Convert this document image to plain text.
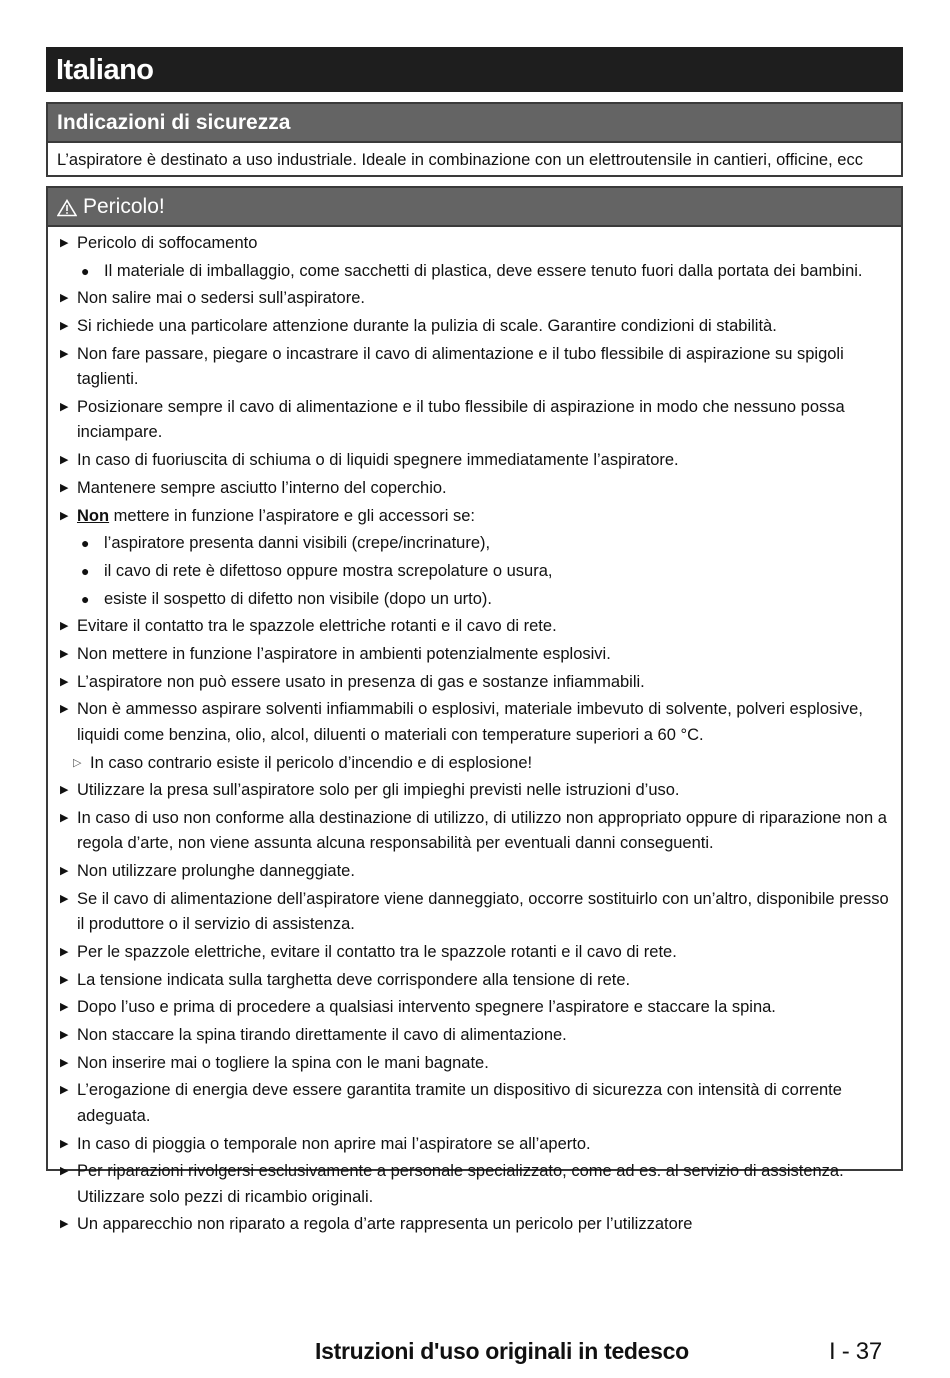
Italiano
Indicazioni di sicurezza
L’aspiratore è destinato a uso industriale. Ideale in combinazione con un elettroutensile in cantieri, officine, ecc
Pericolo!
▶ Pericolo di soffocamento
● Il materiale di imballaggio, come sacchetti di plastica, deve essere tenuto fuori dalla portata dei bambini.
▶ Non salire mai o sedersi sull’aspiratore.
▶ Si richiede una particolare attenzione durante la pulizia di scale. Garantire condizioni di stabilità.
▶ Non fare passare, piegare o incastrare il cavo di alimentazione e il tubo flessibile di aspirazione su spigoli taglienti.
▶ Posizionare sempre il cavo di alimentazione e il tubo flessibile di aspirazione in modo che nessuno possa inciampare.
▶ In caso di fuoriuscita di schiuma o di liquidi spegnere immediatamente l’aspiratore.
▶ Mantenere sempre asciutto l’interno del coperchio.
▶ Non mettere in funzione l’aspiratore e gli accessori se:
● l’aspiratore presenta danni visibili (crepe/incrinature),
● il cavo di rete è difettoso oppure mostra screpolature o usura,
● esiste il sospetto di difetto non visibile (dopo un urto).
▶ Evitare il contatto tra le spazzole elettriche rotanti e il cavo di rete.
▶ Non mettere in funzione l’aspiratore in ambienti potenzialmente esplosivi.
▶ L’aspiratore non può essere usato in presenza di gas e sostanze infiammabili.
▶ Non è ammesso aspirare solventi infiammabili o esplosivi, materiale imbevuto di solvente, polveri esplosive, liquidi come benzina, olio, alcol, diluenti o materiali con temperature superiori a 60 °C.
▷ In caso contrario esiste il pericolo d’incendio e di esplosione!
▶ Utilizzare la presa sull’aspiratore solo per gli impieghi previsti nelle istruzioni d’uso.
▶ In caso di uso non conforme alla destinazione di utilizzo, di utilizzo non appropriato oppure di riparazione non a regola d’arte, non viene assunta alcuna responsabilità per eventuali danni conseguenti.
▶ Non utilizzare prolunghe danneggiate.
▶ Se il cavo di alimentazione dell’aspiratore viene danneggiato, occorre sostituirlo con un’altro, disponibile presso il produttore o il servizio di assistenza.
▶ Per le spazzole elettriche, evitare il contatto tra le spazzole rotanti e il cavo di rete.
▶ La tensione indicata sulla targhetta deve corrispondere alla tensione di rete.
▶ Dopo l’uso e prima di procedere a qualsiasi intervento spegnere l’aspiratore e staccare la spina.
▶ Non staccare la spina tirando direttamente il cavo di alimentazione.
▶ Non inserire mai o togliere la spina con le mani bagnate.
▶ L’erogazione di energia deve essere garantita tramite un dispositivo di sicurezza con intensità di corrente adeguata.
▶ In caso di pioggia o temporale non aprire mai l’aspiratore se all’aperto.
▶ Per riparazioni rivolgersi esclusivamente a personale specializzato, come ad es. al servizio di assistenza. Utilizzare solo pezzi di ricambio originali.
▶ Un apparecchio non riparato a regola d’arte rappresenta un pericolo per l’utilizzatore
Istruzioni d'uso originali in tedesco	I - 37
